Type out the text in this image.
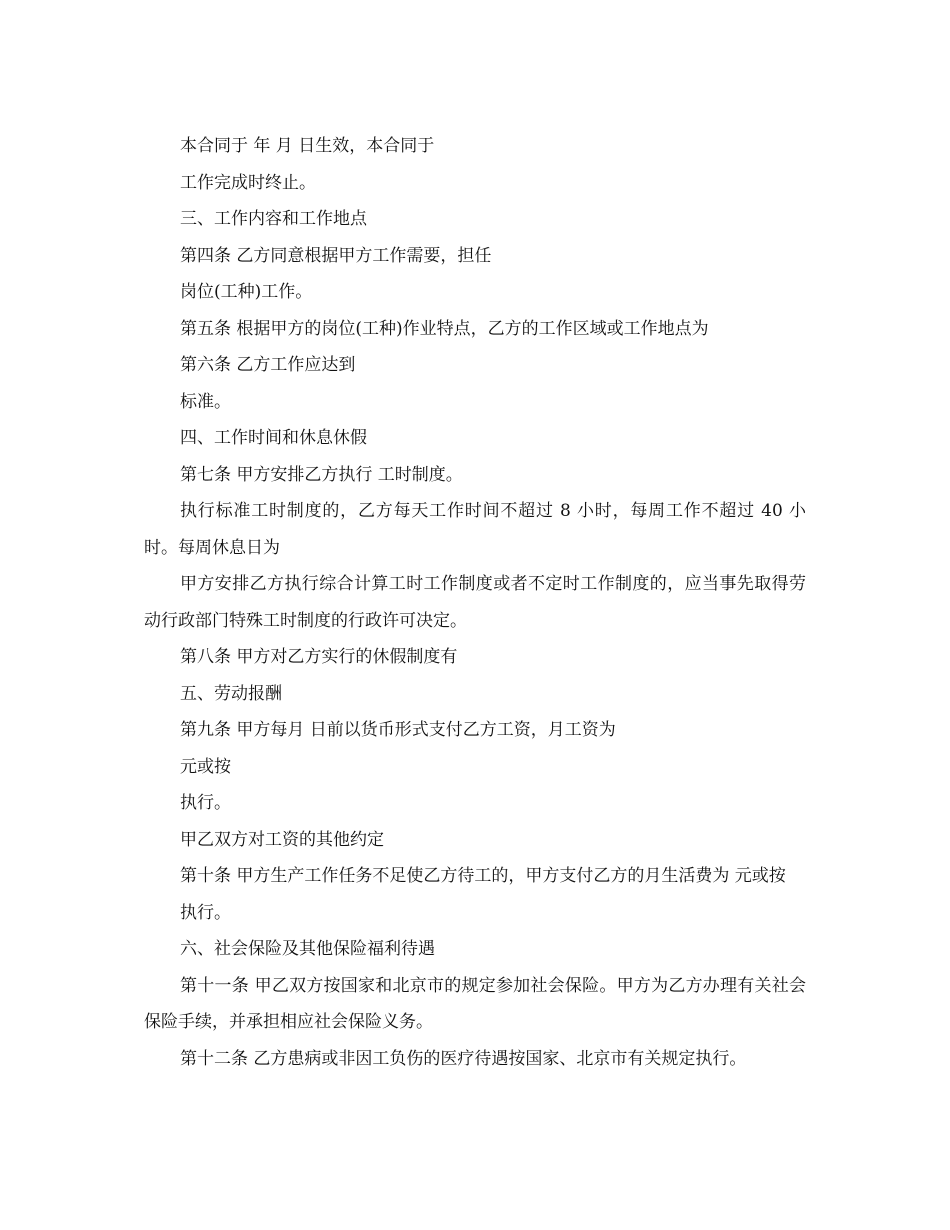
本合同于 年 月 日生效，本合同于

工作完成时终止。

三、工作内容和工作地点

第四条 乙方同意根据甲方工作需要，担任

岗位(工种)工作。

第五条 根据甲方的岗位(工种)作业特点，乙方的工作区域或工作地点为

第六条 乙方工作应达到

标准。

四、工作时间和休息休假

第七条 甲方安排乙方执行 工时制度。

执行标准工时制度的，乙方每天工作时间不超过 8 小时，每周工作不超过 40 小时。每周休息日为

甲方安排乙方执行综合计算工时工作制度或者不定时工作制度的，应当事先取得劳动行政部门特殊工时制度的行政许可决定。

第八条 甲方对乙方实行的休假制度有

五、劳动报酬

第九条 甲方每月 日前以货币形式支付乙方工资，月工资为

元或按

执行。

甲乙双方对工资的其他约定

第十条 甲方生产工作任务不足使乙方待工的，甲方支付乙方的月生活费为 元或按

执行。

六、社会保险及其他保险福利待遇

第十一条 甲乙双方按国家和北京市的规定参加社会保险。甲方为乙方办理有关社会保险手续，并承担相应社会保险义务。

第十二条 乙方患病或非因工负伤的医疗待遇按国家、北京市有关规定执行。
